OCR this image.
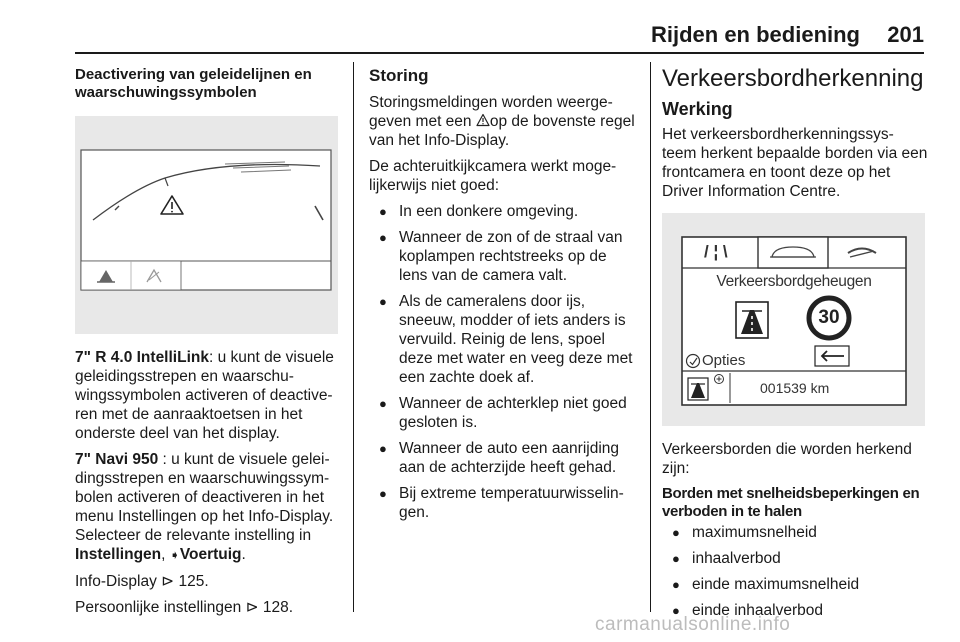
Rijden en bediening 201
Deactivering van geleidelijnen en waarschuwingssymbolen

7" R 4.0 IntelliLink: u kunt de visuele geleidingsstrepen en waarschu-wingssymbolen activeren of deactive-ren met de aanraaktoetsen in het onderste deel van het display.

7" Navi 950 : u kunt de visuele gelei-dingsstrepen en waarschuwingssym-bolen activeren of deactiveren in het menu Instellingen op het Info-Display. Selecteer de relevante instelling in Instellingen, ➧Voertuig.

Info-Display ⊳ 125.

Persoonlijke instellingen ⊳ 128.

Storing

Storingsmeldingen worden weerge-geven met een op de bovenste regel van het Info-Display.

De achteruitkijkcamera werkt moge-lijkerwijs niet goed:

● In een donkere omgeving.
● Wanneer de zon of de straal van koplampen rechtstreeks op de lens van de camera valt.
● Als de cameralens door ijs, sneeuw, modder of iets anders is vervuild. Reinig de lens, spoel deze met water en veeg deze met een zachte doek af.
● Wanneer de achterklep niet goed gesloten is.
● Wanneer de auto een aanrijding aan de achterzijde heeft gehad.
● Bij extreme temperatuurwisselin-gen.
Verkeersbordherkenning
Werking

Het verkeersbordherkenningssys-teem herkent bepaalde borden via een frontcamera en toont deze op het Driver Information Centre.

/ ¦ \
Verkeersbordgeheugen
30
Opties
001539 km

Verkeersborden die worden herkend zijn:

Borden met snelheidsbeperkingen en verboden in te halen
● maximumsnelheid
● inhaalverbod
● einde maximumsnelheid
● einde inhaalverbod
carmanualsonline.info
